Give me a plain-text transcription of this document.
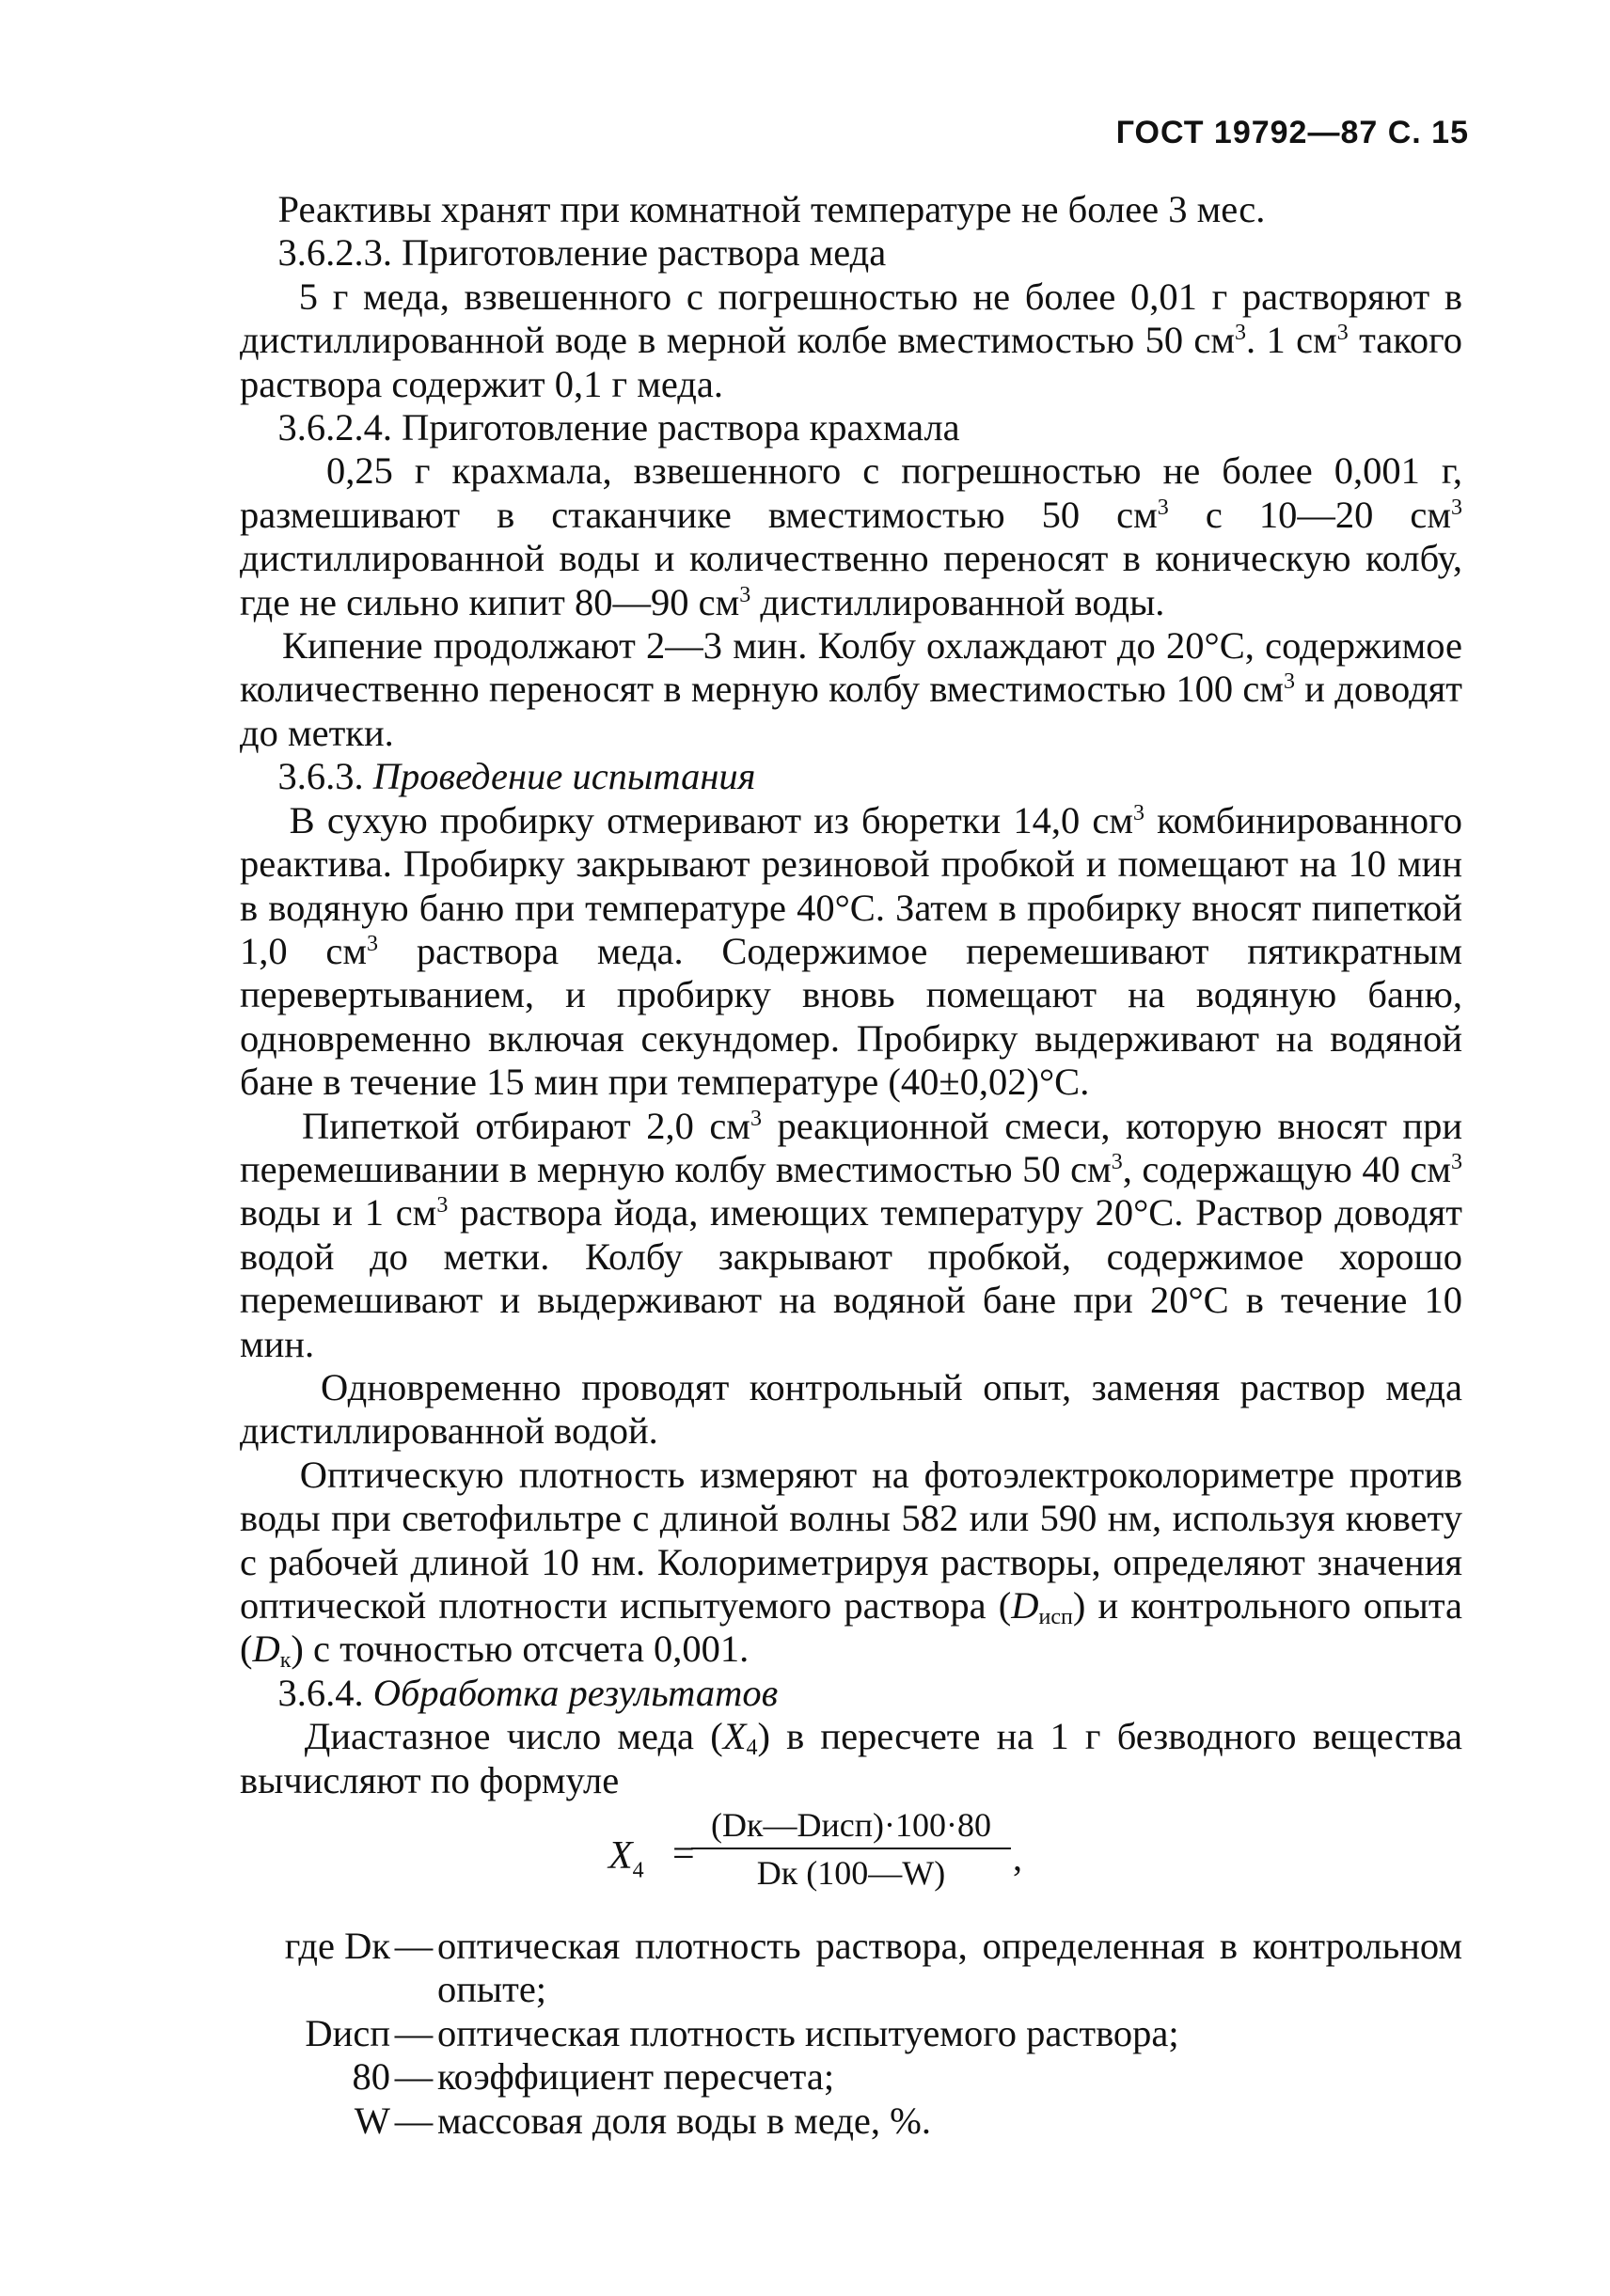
ГОСТ 19792—87 С. 15

Реактивы хранят при комнатной температуре не более 3 мес.

3.6.2.3. Приготовление раствора меда

5 г меда, взвешенного с погрешностью не более 0,01 г растворяют в дистиллированной воде в мерной колбе вместимостью 50 $см^3$. 1 $см^3$ такого раствора содержит 0,1 г меда.

3.6.2.4. Приготовление раствора крахмала

0,25 г крахмала, взвешенного с погрешностью не более 0,001 г, размешивают в стаканчике вместимостью 50 $см^3$ с 10—20 $см^3$ дистиллированной воды и количественно переносят в коническую колбу, где не сильно кипит 80—90 $см^3$ дистиллированной воды.

Кипение продолжают 2—3 мин. Колбу охлаждают до 20°С, содержимое количественно переносят в мерную колбу вместимостью 100 $см^3$ и доводят до метки.

3.6.3. Проведение испытания

В сухую пробирку отмеривают из бюретки 14,0 $см^3$ комбинированного реактива. Пробирку закрывают резиновой пробкой и помещают на 10 мин в водяную баню при температуре 40°С. Затем в пробирку вносят пипеткой 1,0 $см^3$ раствора меда. Содержимое перемешивают пятикратным перевертыванием, и пробирку вновь помещают на водяную баню, одновременно включая секундомер. Пробирку выдерживают на водяной бане в течение 15 мин при температуре (40±0,02)°С.

Пипеткой отбирают 2,0 $см^3$ реакционной смеси, которую вносят при перемешивании в мерную колбу вместимостью 50 $см^3$, содержащую 40 $см^3$ воды и 1 $см^3$ раствора йода, имеющих температуру 20°С. Раствор доводят водой до метки. Колбу закрывают пробкой, содержимое хорошо перемешивают и выдерживают на водяной бане при 20°С в течение 10 мин.

Одновременно проводят контрольный опыт, заменяя раствор меда дистиллированной водой.

Оптическую плотность измеряют на фотоэлектроколориметре против воды при светофильтре с длиной волны 582 или 590 нм, используя кювету с рабочей длиной 10 нм. Колориметрируя растворы, определяют значения оптической плотности испытуемого раствора $(D_{исп})$ и контрольного опыта $(D_к)$ с точностью отсчета 0,001.

3.6.4. Обработка результатов

Диастазное число меда $(X_4)$ в пересчете на 1 г безводного вещества вычисляют по формуле

$X_4$ =
(Dк—Dисп)·100·80
Dк (100—W)	,
где Dк — оптическая плотность раствора, определенная в контрольном опыте;
Dисп — оптическая плотность испытуемого раствора;
80 — коэффициент пересчета;
W — массовая доля воды в меде, %.
